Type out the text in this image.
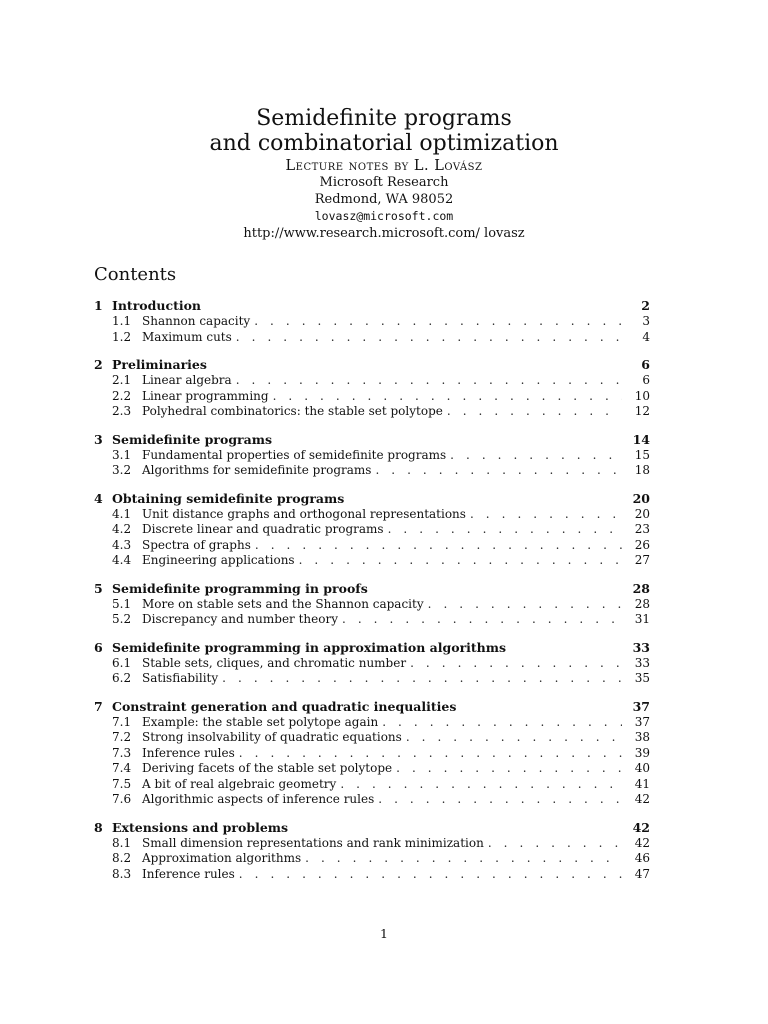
Semidefinite programs
and combinatorial optimization
Lecture notes by L. Lovász
Microsoft Research
Redmond, WA 98052
lovasz@microsoft.com
http://www.research.microsoft.com/ lovasz
Contents
1 Introduction	2
1.1 Shannon capacity . . .	3
1.2 Maximum cuts . . .	4
2 Preliminaries	6
2.1 Linear algebra . . .	6
2.2 Linear programming . . .	10
2.3 Polyhedral combinatorics: the stable set polytope . . .	12
3 Semidefinite programs	14
3.1 Fundamental properties of semidefinite programs . . .	15
3.2 Algorithms for semidefinite programs . . .	18
4 Obtaining semidefinite programs	20
4.1 Unit distance graphs and orthogonal representations . . .	20
4.2 Discrete linear and quadratic programs . . .	23
4.3 Spectra of graphs . . .	26
4.4 Engineering applications . . .	27
5 Semidefinite programming in proofs	28
5.1 More on stable sets and the Shannon capacity . . .	28
5.2 Discrepancy and number theory . . .	31
6 Semidefinite programming in approximation algorithms	33
6.1 Stable sets, cliques, and chromatic number . . .	33
6.2 Satisfiability . . .	35
7 Constraint generation and quadratic inequalities	37
7.1 Example: the stable set polytope again . . .	37
7.2 Strong insolvability of quadratic equations . . .	38
7.3 Inference rules . . .	39
7.4 Deriving facets of the stable set polytope . . .	40
7.5 A bit of real algebraic geometry . . .	41
7.6 Algorithmic aspects of inference rules . . .	42
8 Extensions and problems	42
8.1 Small dimension representations and rank minimization . . .	42
8.2 Approximation algorithms . . .	46
8.3 Inference rules . . .	47
1
